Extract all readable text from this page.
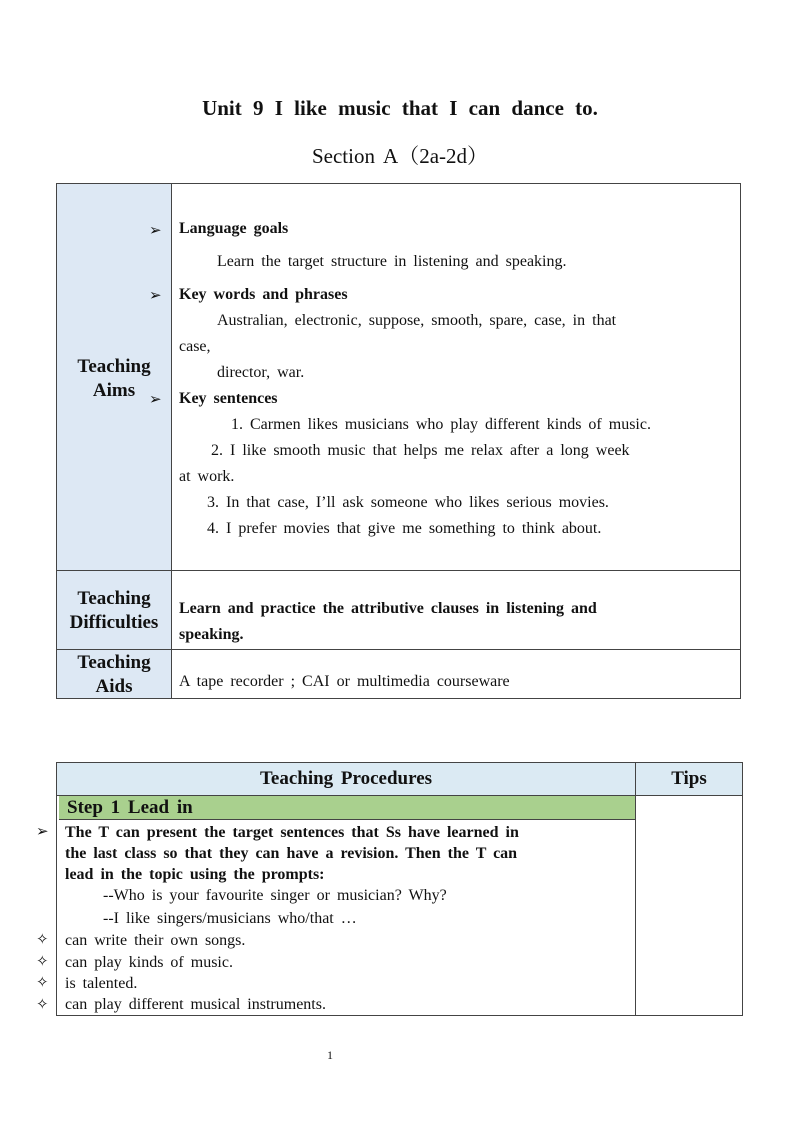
Unit 9 I like music that I can dance to.
Section A（2a-2d）
Teaching
Aims
➢ Language goals
Learn the target structure in listening and speaking.
➢ Key words and phrases
Australian, electronic, suppose, smooth, spare, case, in that
case,
director, war.
➢ Key sentences
1. Carmen likes musicians who play different kinds of music.
2. I like smooth music that helps me relax after a long week
at work.
3. In that case, I’ll ask someone who likes serious movies.
4. I prefer movies that give me something to think about.
Teaching
Difficulties
Learn and practice the attributive clauses in listening and
speaking.
Teaching
Aids	A tape recorder ; CAI or multimedia courseware
Teaching Procedures	Tips
Step 1 Lead in
The T can present the target sentences that Ss have learned in
the last class so that they can have a revision. Then the T can
lead in the topic using the prompts:
--Who is your favourite singer or musician? Why?
--I like singers/musicians who/that …
can write their own songs.
can play kinds of music.
is talented.
can play different musical instruments.
➢
✧
✧
✧
✧
1
